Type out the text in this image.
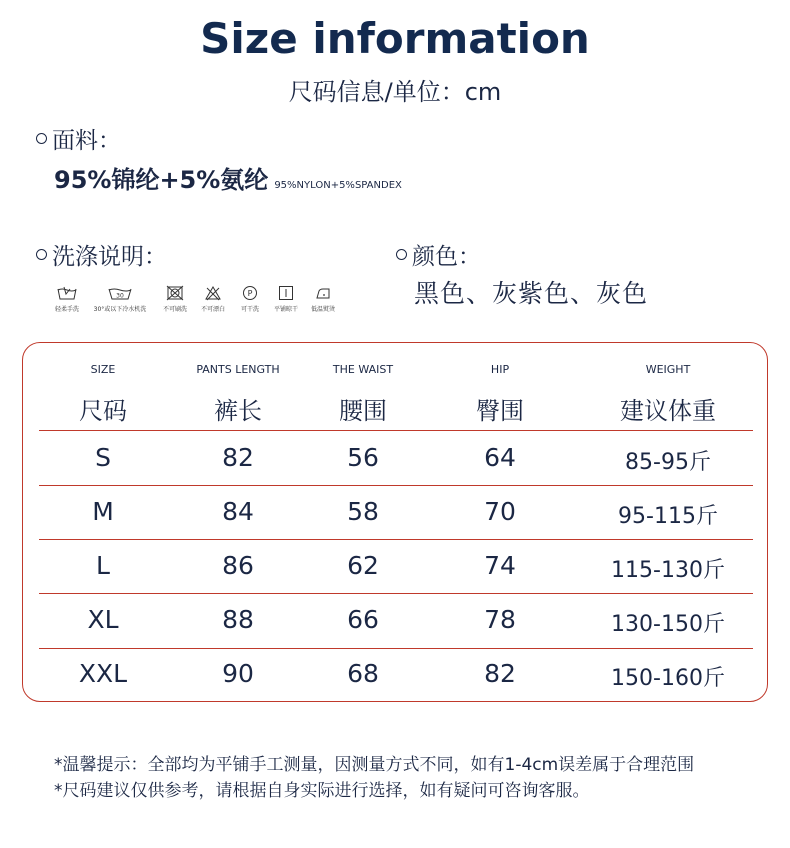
Size information
尺码信息/单位：cm
面料：
95%锦纶+5%氨纶 95%NYLON+5%SPANDEX
洗涤说明：
轻柔手洗
30
30°或以下冷水机洗	不可刷洗	不可漂白
P
可干洗	平铺晾干	低温熨烫
颜色：
黑色、灰紫色、灰色
SIZE	PANTS LENGTH	THE WAIST	HIP	WEIGHT
尺码	裤长	腰围	臀围	建议体重
S	82	56	64	85-95斤
M	84	58	70	95-115斤
L	86	62	74	115-130斤
XL	88	66	78	130-150斤
XXL	90	68	82	150-160斤
*温馨提示：全部均为平铺手工测量，因测量方式不同，如有1-4cm误差属于合理范围
*尺码建议仅供参考，请根据自身实际进行选择，如有疑问可咨询客服。
